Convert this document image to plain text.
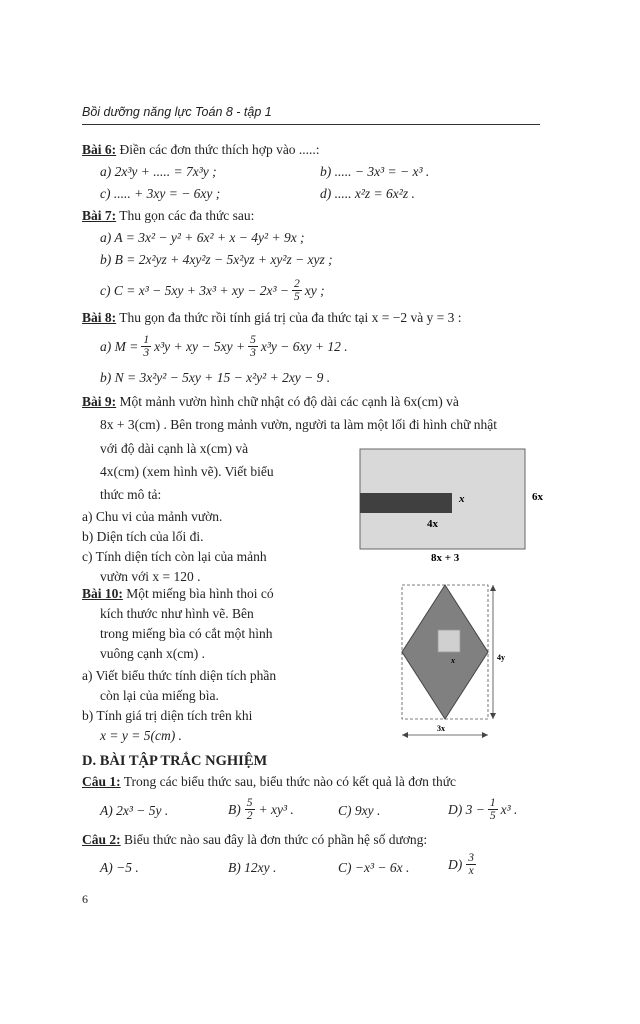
Bồi dưỡng năng lực Toán 8 - tập 1
Bài 6: Điền các đơn thức thích hợp vào .....:
a) 2x³y + ..... = 7x³y ;	b) ..... − 3x³ = − x³ .
c) ..... + 3xy = − 6xy ;	d) ..... x²z = 6x²z .
Bài 7: Thu gọn các đa thức sau:
a) A = 3x² − y² + 6x² + x − 4y² + 9x ;
b) B = 2x²yz + 4xy²z − 5x²yz + xy²z − xyz ;
c) C = x³ − 5xy + 3x³ + xy − $2x^3 - \frac{2}{5}$ xy ;
Bài 8: Thu gọn đa thức rồi tính giá trị của đa thức tại x = −2 và y = 3 :
a) $M = \frac{1}{3} x^3y$ + xy − $5xy + \frac{5}{3} x^3y - 6xy + 12$ .
b) N = 3x²y² − 5xy + 15 − x²y² + 2xy − 9 .
Bài 9: Một mảnh vườn hình chữ nhật có độ dài các cạnh là 6x(cm) và
8x + 3(cm) . Bên trong mảnh vườn, người ta làm một lối đi hình chữ nhật
với độ dài cạnh là x(cm) và
4x(cm) (xem hình vẽ). Viết biểu
thức mô tả:
a) Chu vi của mảnh vườn.
b) Diện tích của lối đi.
c) Tính diện tích còn lại của mảnh
vườn với x = 120 .
x
4x
6x
8x + 3
Bài 10: Một miếng bìa hình thoi có
kích thước như hình vẽ. Bên
trong miếng bìa có cắt một hình
vuông cạnh x(cm) .
a) Viết biểu thức tính diện tích phần
còn lại của miếng bìa.
b) Tính giá trị diện tích trên khi
x = y = 5(cm) .
x	4y
3x
D. BÀI TẬP TRẮC NGHIỆM
Câu 1: Trong các biểu thức sau, biểu thức nào có kết quả là đơn thức
A) 2x³ − 5y .	$B) \frac{5}{2} + xy^3$ .	C) 9xy .	D) $3 - \frac{1}{5} x^3$ .
Câu 2: Biểu thức nào sau đây là đơn thức có phần hệ số dương:
A) −5 .	B) 12xy .	C) −x³ − 6x .	$D) \frac{3}{x}$
6
